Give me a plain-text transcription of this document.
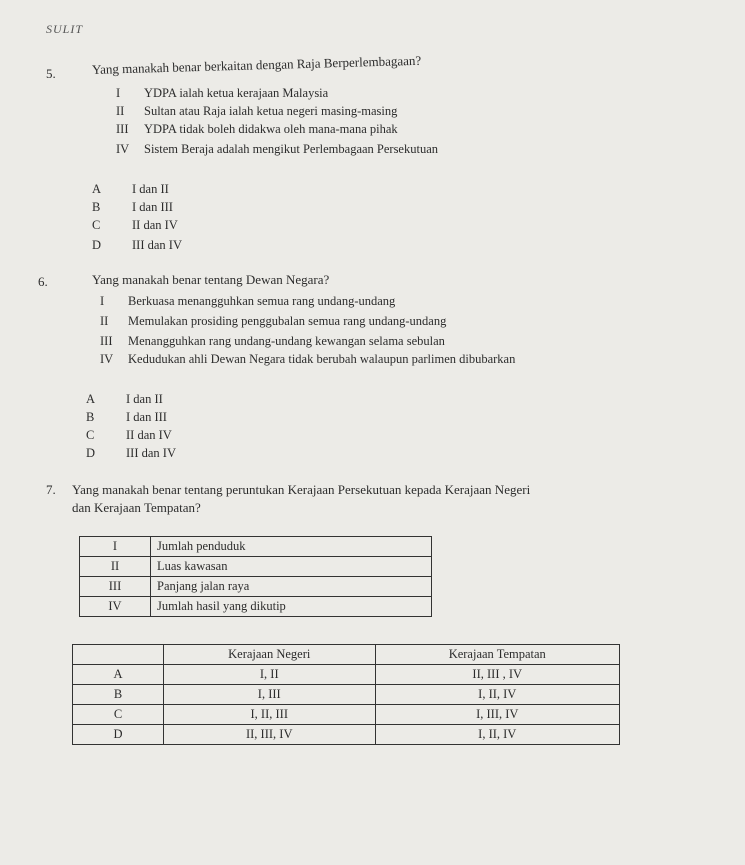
SULIT
5.	Yang manakah benar berkaitan dengan Raja Berperlembagaan?
I YDPA ialah ketua kerajaan Malaysia
II Sultan atau Raja ialah ketua negeri masing-masing
III YDPA tidak boleh didakwa oleh mana-mana pihak
IV Sistem Beraja adalah mengikut Perlembagaan Persekutuan
A I dan II
B	I dan III
C	II dan IV
D III dan IV
6.	Yang manakah benar tentang Dewan Negara?
I Berkuasa menangguhkan semua rang undang-undang
II Memulakan prosiding penggubalan semua rang undang-undang
III Menangguhkan rang undang-undang kewangan selama sebulan
IV Kedudukan ahli Dewan Negara tidak berubah walaupun parlimen dibubarkan
A I dan II
B	I dan III
C	II dan IV
D III dan IV
7. Yang manakah benar tentang peruntukan Kerajaan Persekutuan kepada Kerajaan Negeri
dan Kerajaan Tempatan?
I	Jumlah penduduk
II	Luas kawasan
III	Panjang jalan raya
IV	Jumlah hasil yang dikutip
	Kerajaan Negeri	Kerajaan Tempatan
A	I, II	II, III , IV
B	I, III	I, II, IV
C	I, II, III	I, III, IV
D	II, III, IV	I, II, IV
